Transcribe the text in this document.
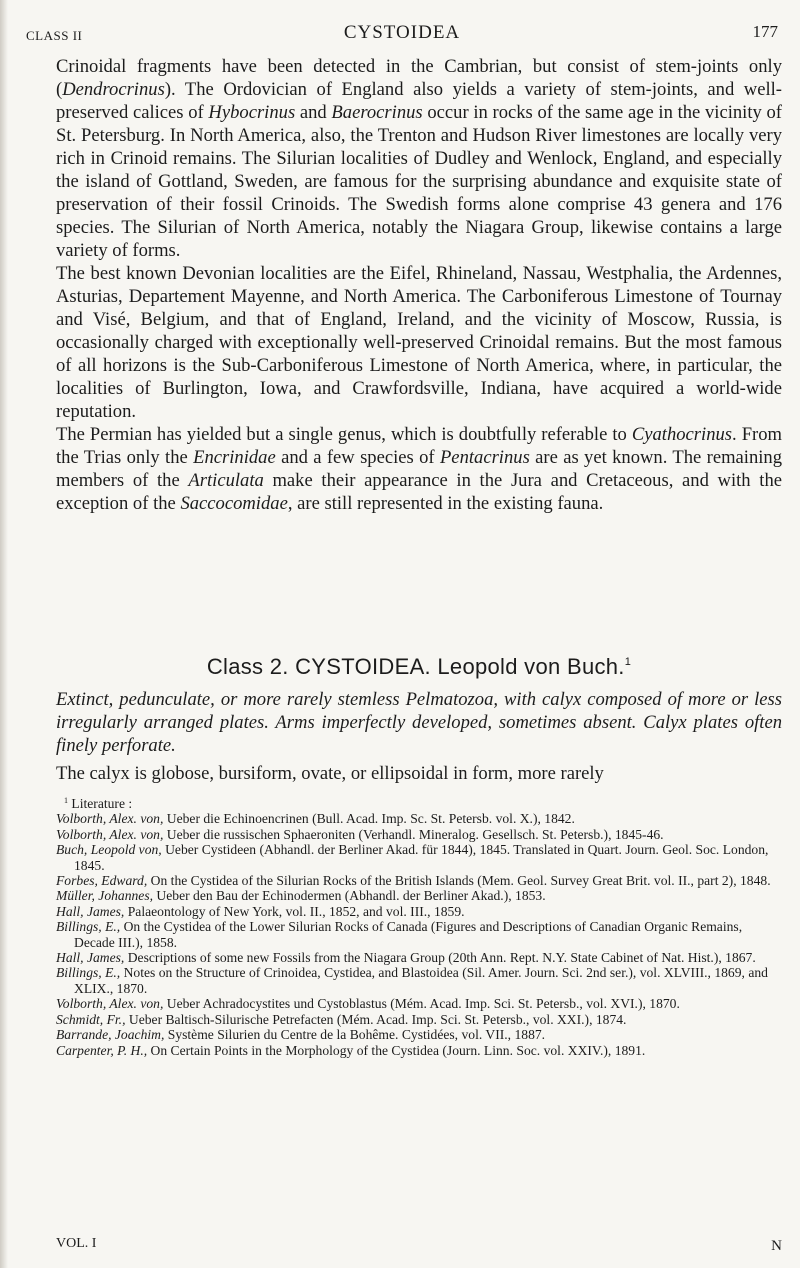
CLASS II	CYSTOIDEA	177

Crinoidal fragments have been detected in the Cambrian, but consist of stem-joints only (Dendrocrinus). The Ordovician of England also yields a variety of stem-joints, and well-preserved calices of Hybocrinus and Baerocrinus occur in rocks of the same age in the vicinity of St. Petersburg. In North America, also, the Trenton and Hudson River limestones are locally very rich in Crinoid remains. The Silurian localities of Dudley and Wenlock, England, and especially the island of Gottland, Sweden, are famous for the surprising abundance and exquisite state of preservation of their fossil Crinoids. The Swedish forms alone comprise 43 genera and 176 species. The Silurian of North America, notably the Niagara Group, likewise contains a large variety of forms.

The best known Devonian localities are the Eifel, Rhineland, Nassau, Westphalia, the Ardennes, Asturias, Departement Mayenne, and North America. The Carboniferous Limestone of Tournay and Visé, Belgium, and that of England, Ireland, and the vicinity of Moscow, Russia, is occasionally charged with exceptionally well-preserved Crinoidal remains. But the most famous of all horizons is the Sub-Carboniferous Limestone of North America, where, in particular, the localities of Burlington, Iowa, and Crawfordsville, Indiana, have acquired a world-wide reputation.

The Permian has yielded but a single genus, which is doubtfully referable to Cyathocrinus. From the Trias only the Encrinidae and a few species of Pentacrinus are as yet known. The remaining members of the Articulata make their appearance in the Jura and Cretaceous, and with the exception of the Saccocomidae, are still represented in the existing fauna.

Class 2. CYSTOIDEA. Leopold von Buch.$^1$
Extinct, pedunculate, or more rarely stemless Pelmatozoa, with calyx composed of more or less irregularly arranged plates. Arms imperfectly developed, sometimes absent. Calyx plates often finely perforate.
The calyx is globose, bursiform, ovate, or ellipsoidal in form, more rarely

$^1$ Literature :

Volborth, Alex. von, Ueber die Echinoencrinen (Bull. Acad. Imp. Sc. St. Petersb. vol. X.), 1842.

Volborth, Alex. von, Ueber die russischen Sphaeroniten (Verhandl. Mineralog. Gesellsch. St. Petersb.), 1845-46.

Buch, Leopold von, Ueber Cystideen (Abhandl. der Berliner Akad. für 1844), 1845. Translated in Quart. Journ. Geol. Soc. London, 1845.

Forbes, Edward, On the Cystidea of the Silurian Rocks of the British Islands (Mem. Geol. Survey Great Brit. vol. II., part 2), 1848.

Müller, Johannes, Ueber den Bau der Echinodermen (Abhandl. der Berliner Akad.), 1853.

Hall, James, Palaeontology of New York, vol. II., 1852, and vol. III., 1859.

Billings, E., On the Cystidea of the Lower Silurian Rocks of Canada (Figures and Descriptions of Canadian Organic Remains, Decade III.), 1858.

Hall, James, Descriptions of some new Fossils from the Niagara Group (20th Ann. Rept. N.Y. State Cabinet of Nat. Hist.), 1867.

Billings, E., Notes on the Structure of Crinoidea, Cystidea, and Blastoidea (Sil. Amer. Journ. Sci. 2nd ser.), vol. XLVIII., 1869, and XLIX., 1870.

Volborth, Alex. von, Ueber Achradocystites und Cystoblastus (Mém. Acad. Imp. Sci. St. Petersb., vol. XVI.), 1870.

Schmidt, Fr., Ueber Baltisch-Silurische Petrefacten (Mém. Acad. Imp. Sci. St. Petersb., vol. XXI.), 1874.

Barrande, Joachim, Système Silurien du Centre de la Bohême. Cystidées, vol. VII., 1887.

Carpenter, P. H., On Certain Points in the Morphology of the Cystidea (Journ. Linn. Soc. vol. XXIV.), 1891.

VOL. I	N
